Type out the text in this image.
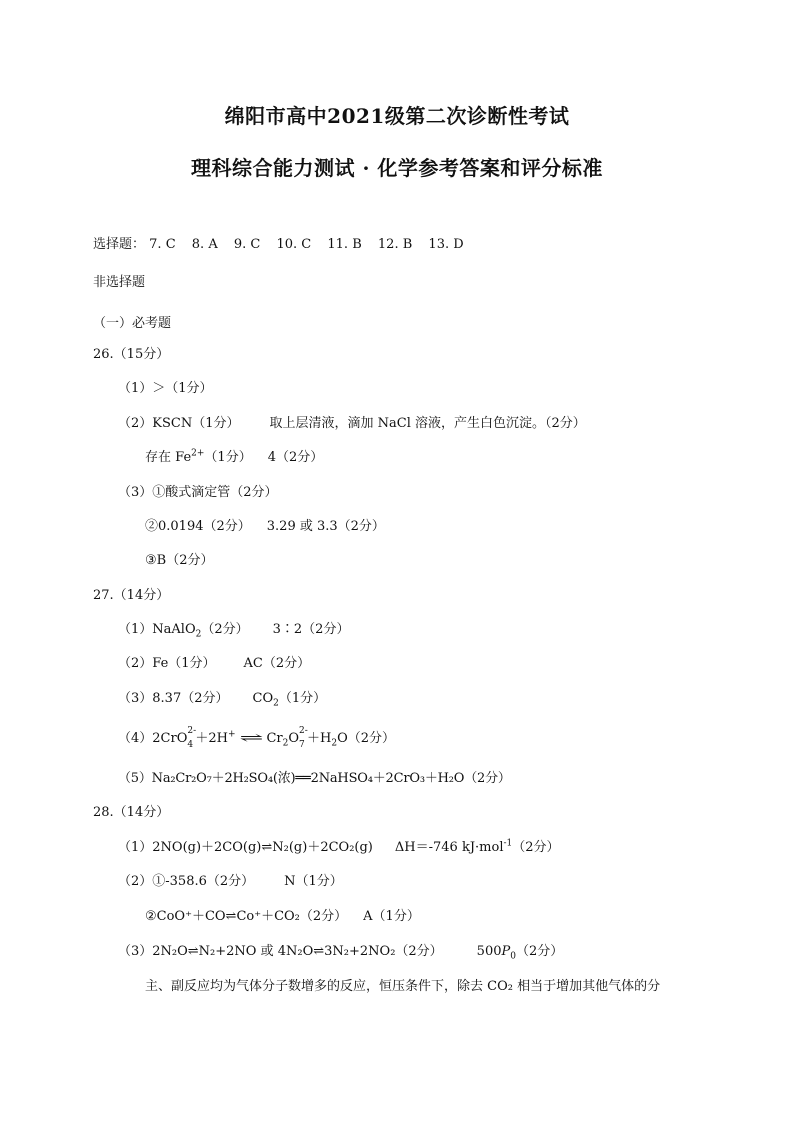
绵阳市高中2021级第二次诊断性考试
理科综合能力测试 · 化学参考答案和评分标准
选择题： 7. C 8. A 9. C 10. C 11. B 12. B 13. D
非选择题
（一）必考题
26.（15分）
（1）＞（1分）
（2）KSCN（1分） 取上层清液，滴加 NaCl 溶液，产生白色沉淀。（2分）
存在 $Fe^{2+}(1$分） 4（2分）
（3）①酸式滴定管（2分）
②0.0194（2分） 3.29 或 3.3（2分）
③B（2分）
27.（14分）
（1）NaAlO$_2$（2分） 3∶2（2分）
（2）Fe（1分） AC（2分）
（3）8.37（2分） $CO_2(1$分）
（4）2CrO 2-
4 ＋2H+ ⇌ $Cr_2O$ 2-
$7 +H_2O(2$分）
（5）Na₂Cr₂O₇＋2H₂SO₄(浓)══2NaHSO₄＋2CrO₃＋H₂O（2分）
28.（14分）
（1）2NO(g)＋2CO(g)⇌N₂(g)＋2CO₂(g) ΔH＝-746 kJ·mol$^{-1}$（2分）
（2）①-358.6（2分） N（1分）
②CoO⁺＋CO⇌Co⁺＋CO₂（2分） A（1分）
（3）2N₂O⇌N₂+2NO 或 4N₂O⇌3N₂+2NO₂（2分）	$500P_0(2$分）
主、副反应均为气体分子数增多的反应，恒压条件下，除去 CO₂ 相当于增加其他气体的分
